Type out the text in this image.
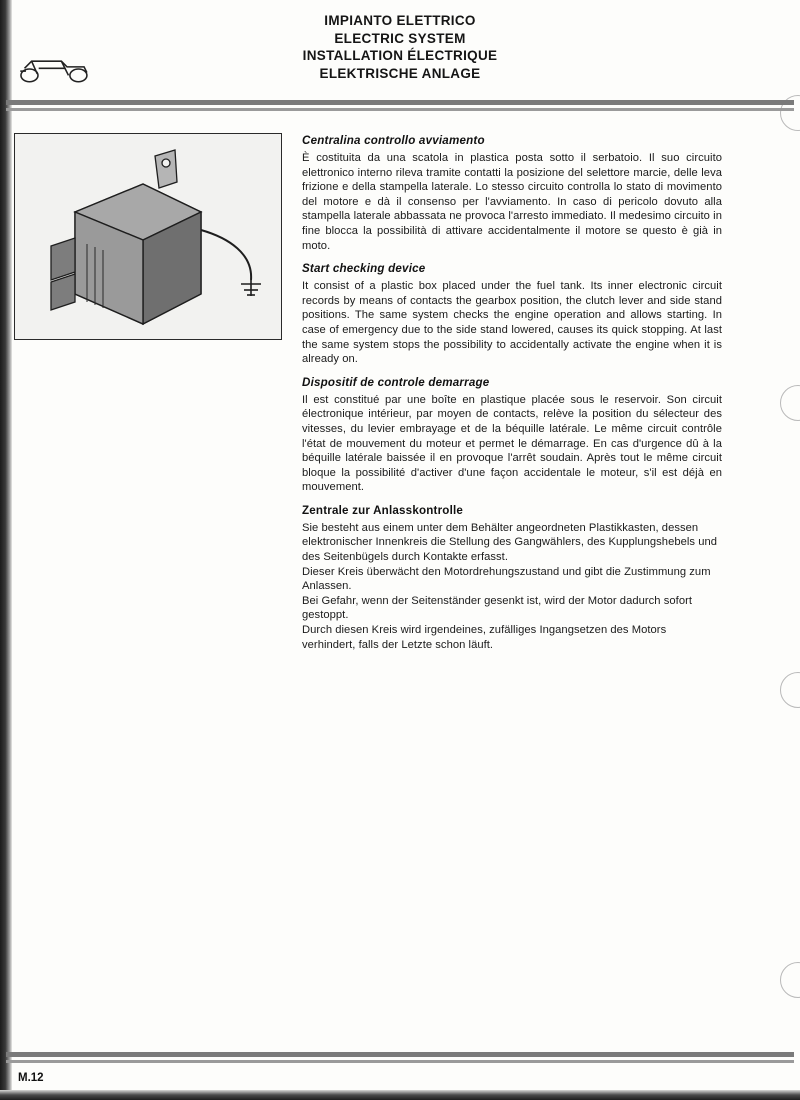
IMPIANTO ELETTRICO
ELECTRIC SYSTEM
INSTALLATION ÉLECTRIQUE
ELEKTRISCHE ANLAGE

Centralina controllo avviamento

È costituita da una scatola in plastica posta sotto il serbatoio. Il suo circuito elettronico interno rileva tramite contatti la posizione del selettore marcie, delle leva frizione e della stampella laterale. Lo stesso circuito controlla lo stato di movimento del motore e dà il consenso per l'avviamento. In caso di pericolo dovuto alla stampella laterale abbassata ne provoca l'arresto immediato. Il medesimo circuito in fine blocca la possibilità di attivare accidentalmente il motore se questo è già in moto.

Start checking device

It consist of a plastic box placed under the fuel tank. Its inner electronic circuit records by means of contacts the gearbox position, the clutch lever and side stand positions. The same system checks the engine operation and allows starting. In case of emergency due to the side stand lowered, causes its quick stopping. At last the same system stops the possibility to accidentally activate the engine when it is already on.

Dispositif de controle demarrage

Il est constitué par une boîte en plastique placée sous le reservoir. Son circuit électronique intérieur, par moyen de contacts, relève la position du sélecteur des vitesses, du levier embrayage et de la béquille latérale. Le même circuit contrôle l'état de mouvement du moteur et permet le démarrage. En cas d'urgence dû à la béquille latérale baissée il en provoque l'arrêt soudain. Après tout le même circuit bloque la possibilité d'activer d'une façon accidentale le moteur, s'il est déjà en mouvement.

Zentrale zur Anlasskontrolle

Sie besteht aus einem unter dem Behälter angeordneten Plastikkasten, dessen elektronischer Innenkreis die Stellung des Gangwählers, des Kupplungshebels und des Seitenbügels durch Kontakte erfasst.

Dieser Kreis überwächt den Motordrehungszustand und gibt die Zustimmung zum Anlassen.

Bei Gefahr, wenn der Seitenständer gesenkt ist, wird der Motor dadurch sofort gestoppt.

Durch diesen Kreis wird irgendeines, zufälliges Ingangsetzen des Motors verhindert, falls der Letzte schon läuft.

M.12
